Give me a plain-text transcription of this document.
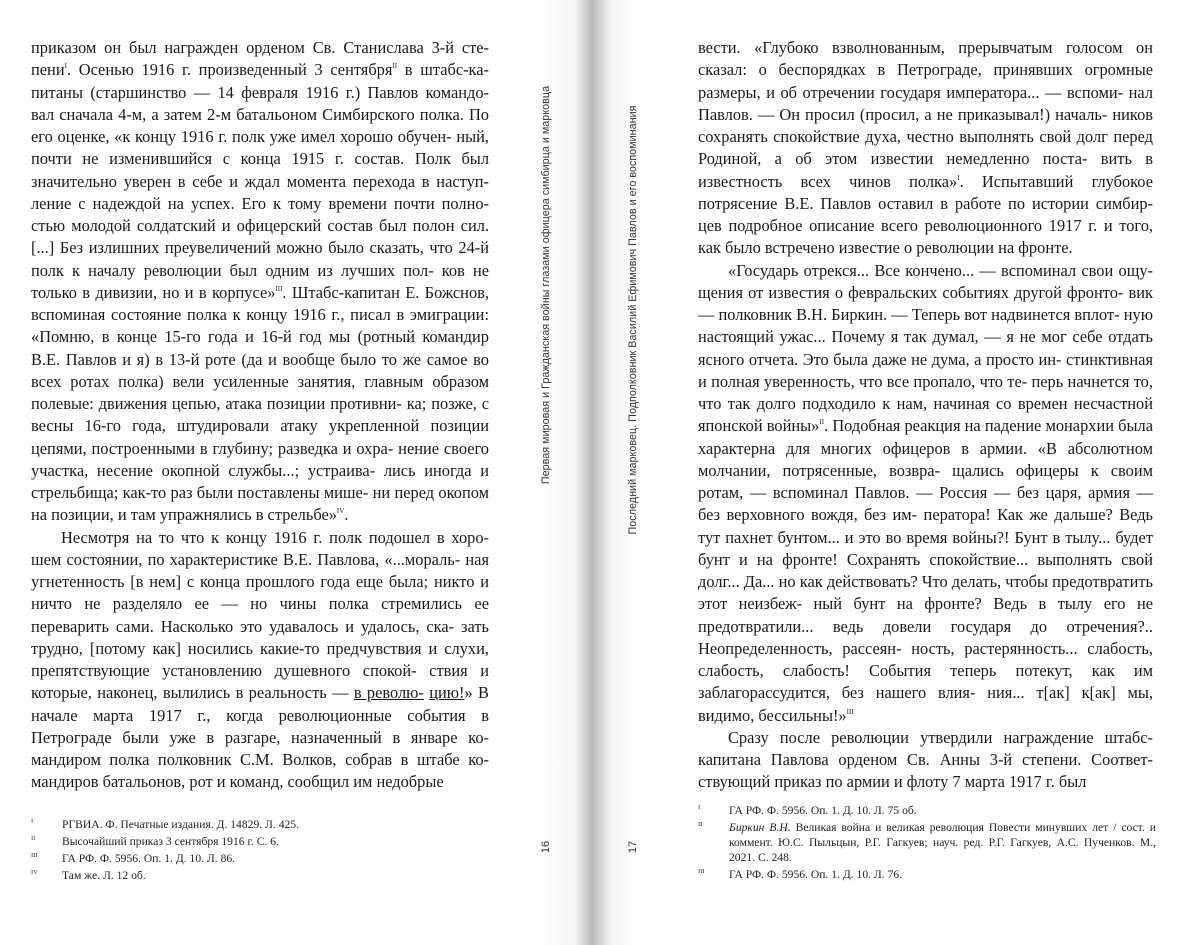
приказом он был награжден орденом Св. Станислава 3-й сте- пени$^I$. Осенью 1916 г. произведенный 3 сентября$^{II}$ в штабс-ка- питаны (старшинство — 14 февраля 1916 г.) Павлов командо- вал сначала 4-м, а затем 2-м батальоном Симбирского полка. По его оценке, «к концу 1916 г. полк уже имел хорошо обучен- ный, почти не изменившийся с конца 1915 г. состав. Полк был значительно уверен в себе и ждал момента перехода в наступ- ление с надеждой на успех. Его к тому времени почти полно- стью молодой солдатский и офицерский состав был полон сил. [...] Без излишних преувеличений можно было сказать, что 24-й полк к началу революции был одним из лучших пол- ков не только в дивизии, но и в корпусе»$^{III}$. Штабс-капитан Е. Божснов, вспоминая состояние полка к концу 1916 г., писал в эмиграции: «Помню, в конце 15-го года и 16-й год мы (ротный командир В.Е. Павлов и я) в 13-й роте (да и вообще было то же самое во всех ротах полка) вели усиленные занятия, главным образом полевые: движения цепью, атака позиции противни- ка; позже, с весны 16-го года, штудировали атаку укрепленной позиции цепями, построенными в глубину; разведка и охра- нение своего участка, несение окопной службы...; устраива- лись иногда и стрельбища; как-то раз были поставлены мише- ни перед окопом на позиции, и там упражнялись в стрельбе»$^{IV}$.

Несмотря на то что к концу 1916 г. полк подошел в хоро- шем состоянии, по характеристике В.Е. Павлова, «...мораль- ная угнетенность [в нем] с конца прошлого года еще была; никто и ничто не разделяло ее — но чины полка стремились ее переварить сами. Насколько это удавалось и удалось, ска- зать трудно, [потому как] носились какие-то предчувствия и слухи, препятствующие установлению душевного спокой- ствия и которые, наконец, вылились в реальность — в револю- цию!» В начале марта 1917 г., когда революционные события в Петрограде были уже в разгаре, назначенный в январе ко- мандиром полка полковник С.М. Волков, собрав в штабе ко- мандиров батальонов, рот и команд, сообщил им недобрые

I РГВИА. Ф. Печатные издания. Д. 14829. Л. 425.
II Высочайший приказ 3 сентября 1916 г. С. 6.
III ГА РФ. Ф. 5956. Оп. 1. Д. 10. Л. 86.
IV Там же. Л. 12 об.
Первая мировая и Гражданская войны глазами офицера симбирца и марковца
16
Последний марковец. Подполковник Василий Ефимович Павлов и его воспоминания
17

вести. «Глубоко взволнованным, прерывчатым голосом он сказал: о беспорядках в Петрограде, принявших огромные размеры, и об отречении государя императора... — вспоми- нал Павлов. — Он просил (просил, а не приказывал!) началь- ников сохранять спокойствие духа, честно выполнять свой долг перед Родиной, а об этом известии немедленно поста- вить в известность всех чинов полка»$^I$. Испытавший глубокое потрясение В.Е. Павлов оставил в работе по истории симбир- цев подробное описание всего революционного 1917 г. и того, как было встречено известие о революции на фронте.

«Государь отрекся... Все кончено... — вспоминал свои ощу- щения от известия о февральских событиях другой фронто- вик — полковник В.Н. Биркин. — Теперь вот надвинется вплот- ную настоящий ужас... Почему я так думал, — я не мог себе отдать ясного отчета. Это была даже не дума, а просто ин- стинктивная и полная уверенность, что все пропало, что те- перь начнется то, что так долго подходило к нам, начиная со времен несчастной японской войны»$^{II}$. Подобная реакция на падение монархии была характерна для многих офицеров в армии. «В абсолютном молчании, потрясенные, возвра- щались офицеры к своим ротам, — вспоминал Павлов. — Россия — без царя, армия — без верховного вождя, без им- ператора! Как же дальше? Ведь тут пахнет бунтом... и это во время войны?! Бунт в тылу... будет бунт и на фронте! Сохранять спокойствие... выполнять свой долг... Да... но как действовать? Что делать, чтобы предотвратить этот неизбеж- ный бунт на фронте? Ведь в тылу его не предотвратили... ведь довели государя до отречения?.. Неопределенность, рассеян- ность, растерянность... слабость, слабость, слабость! События теперь потекут, как им заблагорассудится, без нашего влия- ния... т[ак] к[ак] мы, видимо, бессильны!»$^{III}$

Сразу после революции утвердили награждение штабс- капитана Павлова орденом Св. Анны 3-й степени. Соответ- ствующий приказ по армии и флоту 7 марта 1917 г. был

I ГА РФ. Ф. 5956. Оп. 1. Д. 10. Л. 75 об.
II Биркин В.Н. Великая война и великая революция Повести минувших лет / сост. и коммент. Ю.С. Пыльцын, Р.Г. Гагкуев; науч. ред. Р.Г. Гагкуев, А.С. Пученков. М., 2021. С. 248.
III ГА РФ. Ф. 5956. Оп. 1. Д. 10. Л. 76.
